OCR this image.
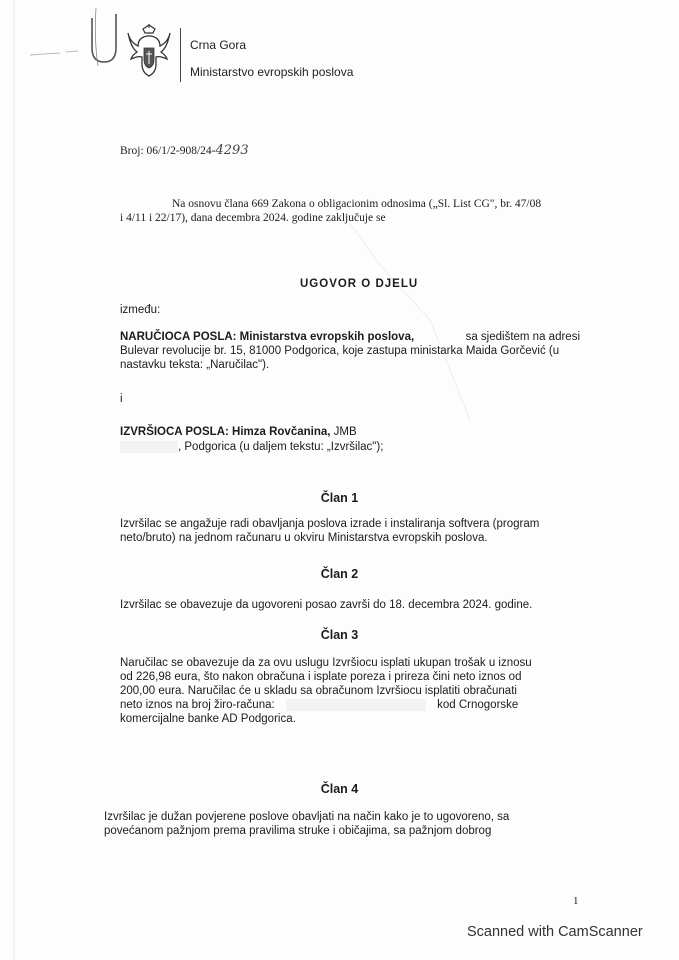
Crna Gora
Ministarstvo evropskih poslova
Broj: 06/1/2-908/24-4293
Na osnovu člana 669 Zakona o obligacionim odnosima („Sl. List CG", br. 47/08
i 4/11 i 22/17), dana decembra 2024. godine zaključuje se
UGOVOR O DJELU
između:
NARUČIOCA POSLA: Ministarstva evropskih poslova,	sa sjedištem na adresi
Bulevar revolucije br. 15, 81000 Podgorica, koje zastupa ministarka Maida Gorčević (u
nastavku teksta: „Naručilac").
i
IZVRŠIOCA POSLA: Himza Rovčanina, JMB
, Podgorica (u daljem tekstu: „Izvršilac");
Član 1
Izvršilac se angažuje radi obavljanja poslova izrade i instaliranja softvera (program
neto/bruto) na jednom računaru u okviru Ministarstva evropskih poslova.
Član 2
Izvršilac se obavezuje da ugovoreni posao završi do 18. decembra 2024. godine.
Član 3
Naručilac se obavezuje da za ovu uslugu Izvršiocu isplati ukupan trošak u iznosu
od 226,98 eura, što nakon obračuna i isplate poreza i prireza čini neto iznos od
200,00 eura. Naručilac će u skladu sa obračunom Izvršiocu isplatiti obračunati
neto iznos na broj žiro-računa:	kod Crnogorske
komercijalne banke AD Podgorica.
Član 4
Izvršilac je dužan povjerene poslove obavljati na način kako je to ugovoreno, sa
povećanom pažnjom prema pravilima struke i običajima, sa pažnjom dobrog
1
Scanned with CamScanner
